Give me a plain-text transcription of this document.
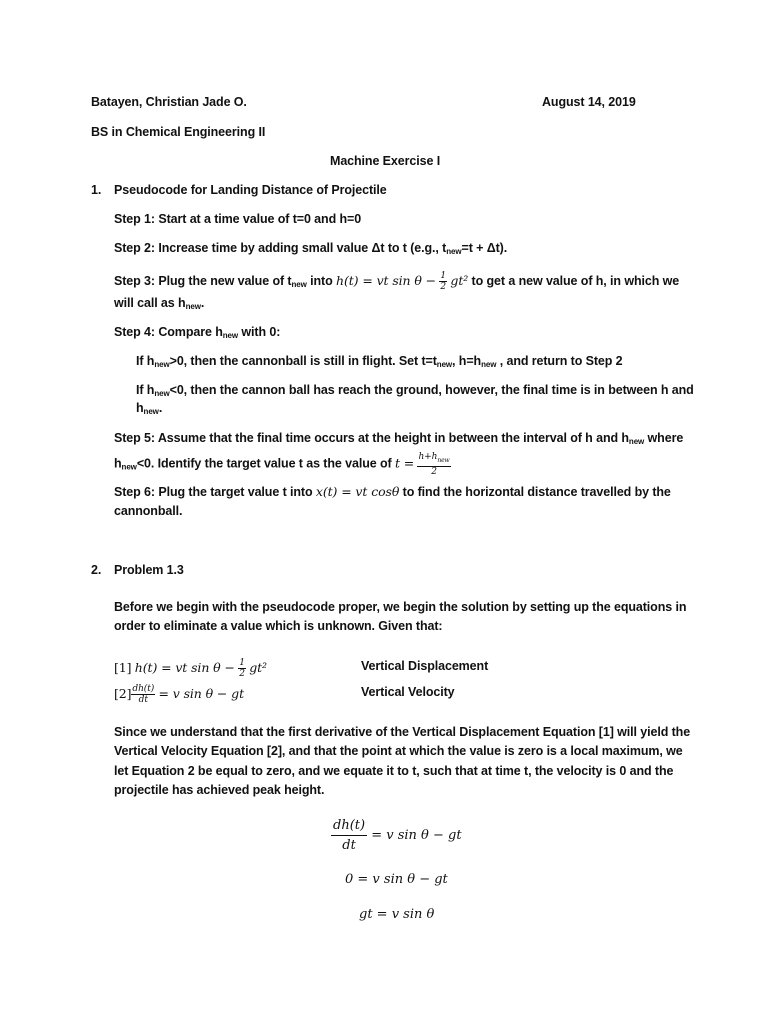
Batayen, Christian Jade O.	August 14, 2019
BS in Chemical Engineering II
Machine Exercise I
1. Pseudocode for Landing Distance of Projectile
Step 1: Start at a time value of t=0 and h=0
Step 2: Increase time by adding small value Δt to t (e.g., $t_{new}=t + \Delta t$).
Step 3: Plug the new value of $t_{new}$ into h(t) = vt $\sin \theta - \frac{1}{2} gt^2$ to get a new value of h, in which we
will call as $h_{new}$.
Step 4: Compare $h_{new}$ with 0:
If $h_{new}>0$, then the cannonball is still in flight. Set $t=t_{new}$, $h=h_{new}$ , and return to Step 2
If $h_{new}<0$, then the cannon ball has reach the ground, however, the final time is in between h and
$h_{new}$.
Step 5: Assume that the final time occurs at the height in between the interval of h and $h_{new}$ where
$h_{new}<0$. Identify the target value t as the value of $t = \frac{h+h_{new}}{2}$
Step 6: Plug the target value t into x(t) = vt cosθ to find the horizontal distance travelled by the
cannonball.
2. Problem 1.3
Before we begin with the pseudocode proper, we begin the solution by setting up the equations in
order to eliminate a value which is unknown. Given that:
[1] h(t) = vt $\sin \theta - \frac{1}{2} gt^2$	Vertical Displacement
$[2] \frac{dh(t)}{dt} = v$ sin θ − gt	Vertical Velocity
Since we understand that the first derivative of the Vertical Displacement Equation [1] will yield the
Vertical Velocity Equation [2], and that the point at which the value is zero is a local maximum, we
let Equation 2 be equal to zero, and we equate it to t, such that at time t, the velocity is 0 and the
projectile has achieved peak height.
$\frac{dh(t)}{dt} = v$ sin θ − gt
0 = v sin θ − gt
gt = v sin θ
